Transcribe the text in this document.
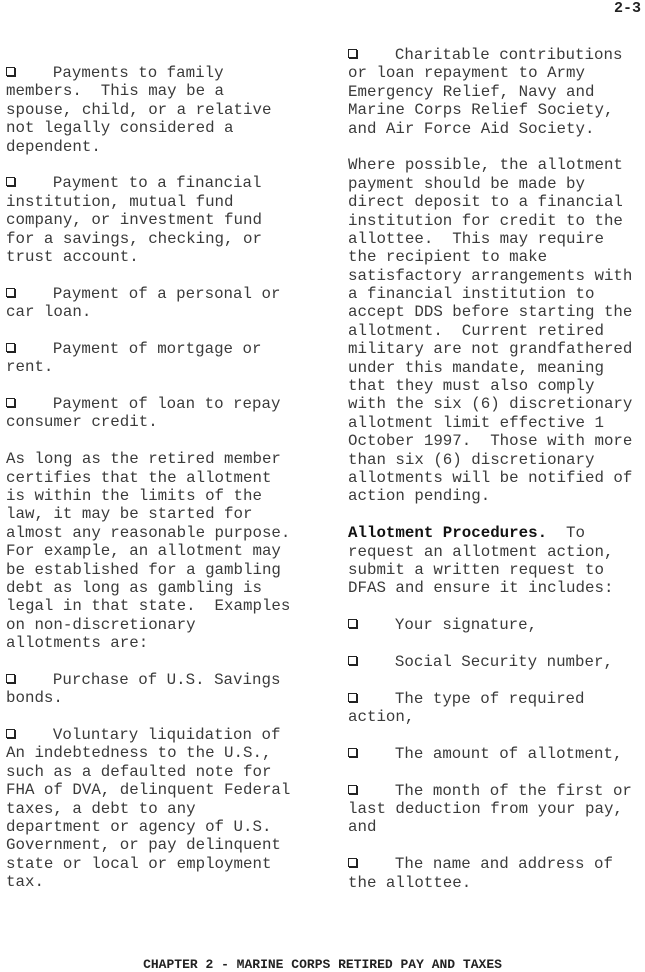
2-3
Payments to family
members.  This may be a
spouse, child, or a relative
not legally considered a
dependent.
Payment to a financial
institution, mutual fund
company, or investment fund
for a savings, checking, or
trust account.
Payment of a personal or
car loan.
Payment of mortgage or
rent.
Payment of loan to repay
consumer credit.
As long as the retired member
certifies that the allotment
is within the limits of the
law, it may be started for
almost any reasonable purpose.
For example, an allotment may
be established for a gambling
debt as long as gambling is
legal in that state.  Examples
on non-discretionary
allotments are:
Purchase of U.S. Savings
bonds.
Voluntary liquidation of
An indebtedness to the U.S.,
such as a defaulted note for
FHA of DVA, delinquent Federal
taxes, a debt to any
department or agency of U.S.
Government, or pay delinquent
state or local or employment
tax.
Charitable contributions
or loan repayment to Army
Emergency Relief, Navy and
Marine Corps Relief Society,
and Air Force Aid Society.
Where possible, the allotment
payment should be made by
direct deposit to a financial
institution for credit to the
allottee.  This may require
the recipient to make
satisfactory arrangements with
a financial institution to
accept DDS before starting the
allotment.  Current retired
military are not grandfathered
under this mandate, meaning
that they must also comply
with the six (6) discretionary
allotment limit effective 1
October 1997.  Those with more
than six (6) discretionary
allotments will be notified of
action pending.
Allotment Procedures.  To
request an allotment action,
submit a written request to
DFAS and ensure it includes:
Your signature,
Social Security number,
The type of required
action,
The amount of allotment,
The month of the first or
last deduction from your pay,
and
The name and address of
the allottee.
CHAPTER 2 - MARINE CORPS RETIRED PAY AND TAXES
